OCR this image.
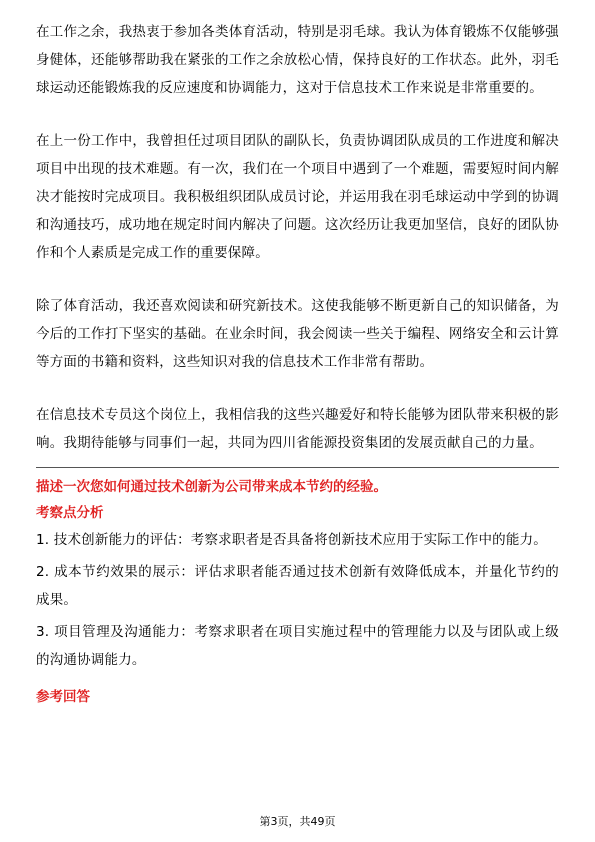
在工作之余，我热衷于参加各类体育活动，特别是羽毛球。我认为体育锻炼不仅能够强身健体，还能够帮助我在紧张的工作之余放松心情，保持良好的工作状态。此外，羽毛球运动还能锻炼我的反应速度和协调能力，这对于信息技术工作来说是非常重要的。

在上一份工作中，我曾担任过项目团队的副队长，负责协调团队成员的工作进度和解决项目中出现的技术难题。有一次，我们在一个项目中遇到了一个难题，需要短时间内解决才能按时完成项目。我积极组织团队成员讨论，并运用我在羽毛球运动中学到的协调和沟通技巧，成功地在规定时间内解决了问题。这次经历让我更加坚信，良好的团队协作和个人素质是完成工作的重要保障。

除了体育活动，我还喜欢阅读和研究新技术。这使我能够不断更新自己的知识储备，为今后的工作打下坚实的基础。在业余时间，我会阅读一些关于编程、网络安全和云计算等方面的书籍和资料，这些知识对我的信息技术工作非常有帮助。

在信息技术专员这个岗位上，我相信我的这些兴趣爱好和特长能够为团队带来积极的影响。我期待能够与同事们一起，共同为四川省能源投资集团的发展贡献自己的力量。

描述一次您如何通过技术创新为公司带来成本节约的经验。

考察点分析

1. 技术创新能力的评估：考察求职者是否具备将创新技术应用于实际工作中的能力。

2. 成本节约效果的展示：评估求职者能否通过技术创新有效降低成本，并量化节约的成果。

3. 项目管理及沟通能力：考察求职者在项目实施过程中的管理能力以及与团队或上级的沟通协调能力。

参考回答

第3页，共49页
